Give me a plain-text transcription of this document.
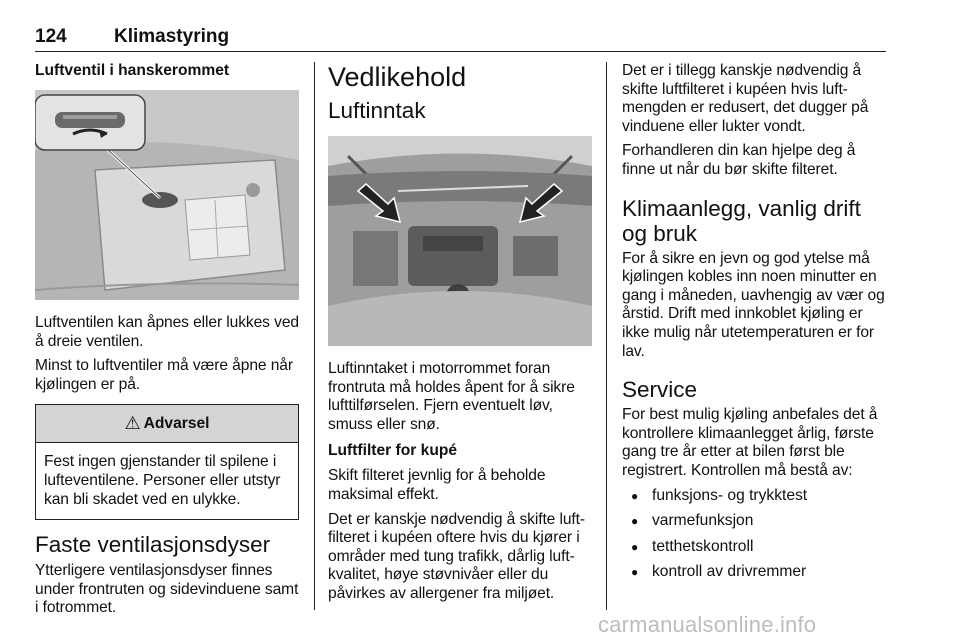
124 Klimastyring
Luftventil i hanskerommet

Luftventilen kan åpnes eller lukkes ved å dreie ventilen.

Minst to luftventiler må være åpne når kjølingen er på.

⚠ Advarsel

Fest ingen gjenstander til spilene i lufteventilene. Personer eller utstyr kan bli skadet ved en ulykke.

Faste ventilasjonsdyser

Ytterligere ventilasjonsdyser finnes under frontruten og sidevinduene samt i fotrommet.

Vedlikehold
Luftinntak

Luftinntaket i motorrommet foran frontruta må holdes åpent for å sikre lufttilførselen. Fjern eventuelt løv, smuss eller snø.

Luftfilter for kupé

Skift filteret jevnlig for å beholde maksimal effekt.

Det er kanskje nødvendig å skifte luft-filteret i kupéen oftere hvis du kjører i områder med tung trafikk, dårlig luft-kvalitet, høye støvnivåer eller du påvirkes av allergener fra miljøet.

Det er i tillegg kanskje nødvendig å skifte luftfilteret i kupéen hvis luft-mengden er redusert, det dugger på vinduene eller lukter vondt.

Forhandleren din kan hjelpe deg å finne ut når du bør skifte filteret.

Klimaanlegg, vanlig drift og bruk

For å sikre en jevn og god ytelse må kjølingen kobles inn noen minutter en gang i måneden, uavhengig av vær og årstid. Drift med innkoblet kjøling er ikke mulig når utetemperaturen er for lav.

Service

For best mulig kjøling anbefales det å kontrollere klimaanlegget årlig, første gang tre år etter at bilen først ble registrert. Kontrollen må bestå av:

● funksjons- og trykktest
● varmefunksjon
● tetthetskontroll
● kontroll av drivremmer
carmanualsonline.info
